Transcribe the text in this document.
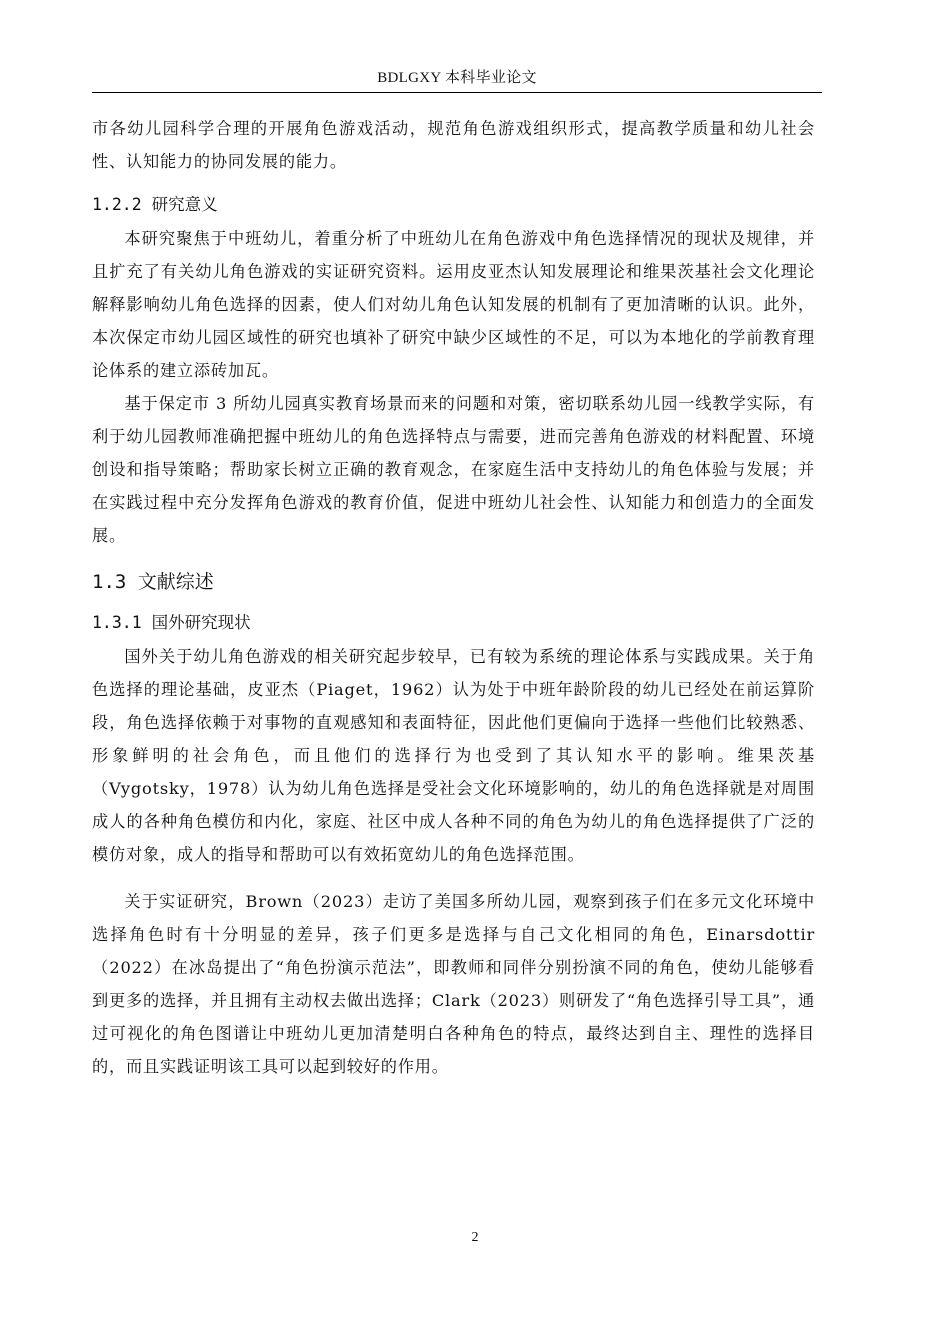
BDLGXY 本科毕业论文

市各幼儿园科学合理的开展角色游戏活动，规范角色游戏组织形式，提高教学质量和幼儿社会性、认知能力的协同发展的能力。

1.2.2 研究意义

本研究聚焦于中班幼儿，着重分析了中班幼儿在角色游戏中角色选择情况的现状及规律，并且扩充了有关幼儿角色游戏的实证研究资料。运用皮亚杰认知发展理论和维果茨基社会文化理论解释影响幼儿角色选择的因素，使人们对幼儿角色认知发展的机制有了更加清晰的认识。此外，本次保定市幼儿园区域性的研究也填补了研究中缺少区域性的不足，可以为本地化的学前教育理论体系的建立添砖加瓦。

基于保定市 3 所幼儿园真实教育场景而来的问题和对策，密切联系幼儿园一线教学实际，有利于幼儿园教师准确把握中班幼儿的角色选择特点与需要，进而完善角色游戏的材料配置、环境创设和指导策略；帮助家长树立正确的教育观念，在家庭生活中支持幼儿的角色体验与发展；并在实践过程中充分发挥角色游戏的教育价值，促进中班幼儿社会性、认知能力和创造力的全面发展。

1.3 文献综述
1.3.1 国外研究现状

国外关于幼儿角色游戏的相关研究起步较早，已有较为系统的理论体系与实践成果。关于角色选择的理论基础，皮亚杰（Piaget，1962）认为处于中班年龄阶段的幼儿已经处在前运算阶段，角色选择依赖于对事物的直观感知和表面特征，因此他们更偏向于选择一些他们比较熟悉、形象鲜明的社会角色，而且他们的选择行为也受到了其认知水平的影响。维果茨基（Vygotsky，1978）认为幼儿角色选择是受社会文化环境影响的，幼儿的角色选择就是对周围成人的各种角色模仿和内化，家庭、社区中成人各种不同的角色为幼儿的角色选择提供了广泛的模仿对象，成人的指导和帮助可以有效拓宽幼儿的角色选择范围。

关于实证研究，Brown（2023）走访了美国多所幼儿园，观察到孩子们在多元文化环境中选择角色时有十分明显的差异，孩子们更多是选择与自己文化相同的角色，Einarsdottir（2022）在冰岛提出了“角色扮演示范法”，即教师和同伴分别扮演不同的角色，使幼儿能够看到更多的选择，并且拥有主动权去做出选择；Clark（2023）则研发了“角色选择引导工具”，通过可视化的角色图谱让中班幼儿更加清楚明白各种角色的特点，最终达到自主、理性的选择目的，而且实践证明该工具可以起到较好的作用。

2
